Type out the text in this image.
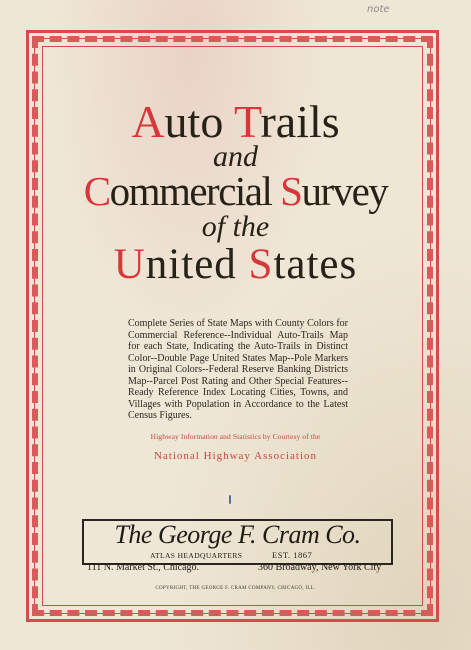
note
Auto Trails
and
Commercial Survey
of the
United States
Complete Series of State Maps with County Colors for Commercial Reference--Individual Auto-Trails Map for each State, Indicating the Auto-Trails in Distinct Color--Double Page United States Map--Pole Markers in Original Colors--Federal Reserve Banking Districts Map--Parcel Post Rating and Other Special Features--Ready Reference Index Locating Cities, Towns, and Villages with Population in Accordance to the Latest Census Figures.
Highway Information and Statistics by Courtesy of the
National Highway Association
The George F. Cram Co.
ATLAS HEADQUARTERS	EST. 1867
111 N. Market St., Chicago.	360 Broadway, New York City
COPYRIGHT, THE GEORGE F. CRAM COMPANY, CHICAGO, ILL.
